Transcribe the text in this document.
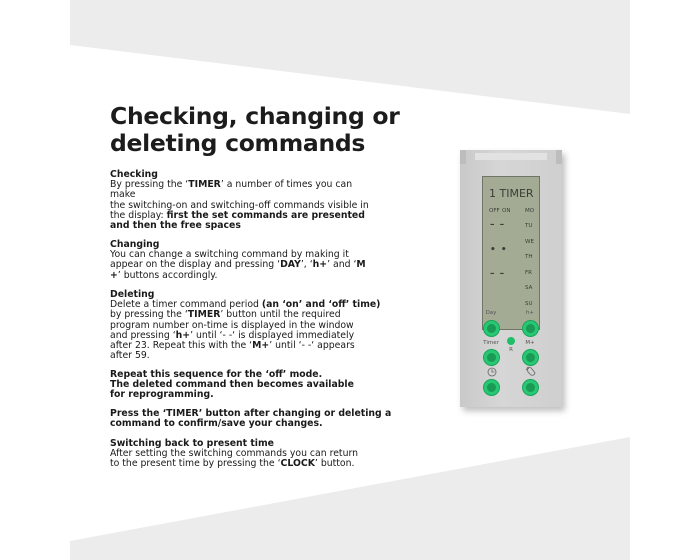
Checking, changing or
deleting commands
Checking
By pressing the ‘TIMER’ a number of times you can
make
the switching-on and switching-off commands visible in
the display: first the set commands are presented
and then the free spaces
Changing
You can change a switching command by making it
appear on the display and pressing ‘DAY’, ‘h+’ and ‘M
+’ buttons accordingly.
Deleting
Delete a timer command period (an ‘on’ and ‘off’ time)
by pressing the ‘TIMER’ button until the required
program number on-time is displayed in the window
and pressing ‘h+’ until ‘- -‘ is displayed immediately
after 23. Repeat this with the ‘M+’ until ‘- -‘ appears
after 59.
Repeat this sequence for the ‘off’ mode.
The deleted command then becomes available
for reprogramming.
Press the ‘TIMER’ button after changing or deleting a
command to confirm/save your changes.
Switching back to present time
After setting the switching commands you can return
to the present time by pressing the ‘CLOCK’ button.
1 TIMER
OFF ON
– –
• •
– –
MO
TU
WE
TH
FR
SA
SU
Day	h+
Timer
R
M+
